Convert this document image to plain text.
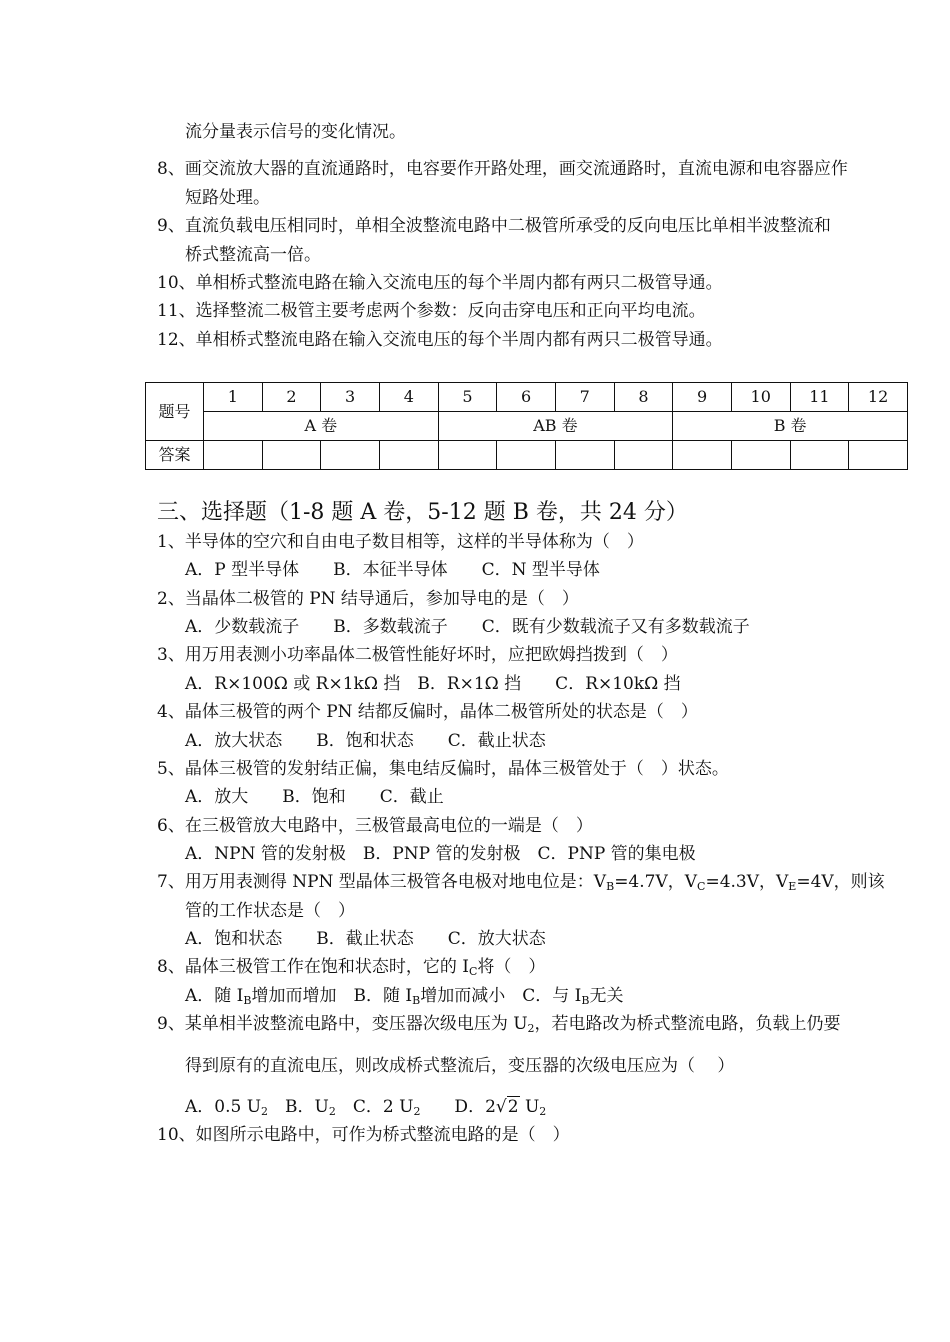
流分量表示信号的变化情况。
8、画交流放大器的直流通路时，电容要作开路处理，画交流通路时，直流电源和电容器应作
短路处理。
9、直流负载电压相同时，单相全波整流电路中二极管所承受的反向电压比单相半波整流和
桥式整流高一倍。
10、单相桥式整流电路在输入交流电压的每个半周内都有两只二极管导通。
11、选择整流二极管主要考虑两个参数：反向击穿电压和正向平均电流。
12、单相桥式整流电路在输入交流电压的每个半周内都有两只二极管导通。
题号	1	2	3	4	5	6	7	8	9	10	11	12
	A 卷				AB 卷				B 卷			
答案												
三、选择题（1-8 题 A 卷，5-12 题 B 卷，共 24 分）
1、半导体的空穴和自由电子数目相等，这样的半导体称为（　）
A．P 型半导体　　B．本征半导体　　C．N 型半导体
2、当晶体二极管的 PN 结导通后，参加导电的是（　）
A．少数载流子　　B．多数载流子　　C．既有少数载流子又有多数载流子
3、用万用表测小功率晶体二极管性能好坏时，应把欧姆挡拨到（　）
A．R×100Ω 或 R×1kΩ 挡　B．R×1Ω 挡　　C．R×10kΩ 挡
4、晶体三极管的两个 PN 结都反偏时，晶体二极管所处的状态是（　）
A．放大状态　　B．饱和状态　　C．截止状态
5、晶体三极管的发射结正偏，集电结反偏时，晶体三极管处于（　）状态。
A．放大　　B．饱和　　C．截止
6、在三极管放大电路中，三极管最高电位的一端是（　）
A．NPN 管的发射极　B．PNP 管的发射极　C．PNP 管的集电极
7、用万用表测得 NPN 型晶体三极管各电极对地电位是：$V_B=4.7V$，$V_C=4.3V$，$V_E=4V$，则该
管的工作状态是（　）
A．饱和状态　　B．截止状态　　C．放大状态
8、晶体三极管工作在饱和状态时，它的 $I_C$将（　）
A．随 $I_B$增加而增加　B．随 $I_B$增加而减小　C．与 $I_B$无关
9、某单相半波整流电路中，变压器次级电压为 $U_2$，若电路改为桥式整流电路，负载上仍要
得到原有的直流电压，则改成桥式整流后，变压器的次级电压应为（　 ）
A．0.5 $U_2$　B．$U_2$　C．2 $U_2$　　D．2√2 $U_2$
10、如图所示电路中，可作为桥式整流电路的是（　）
